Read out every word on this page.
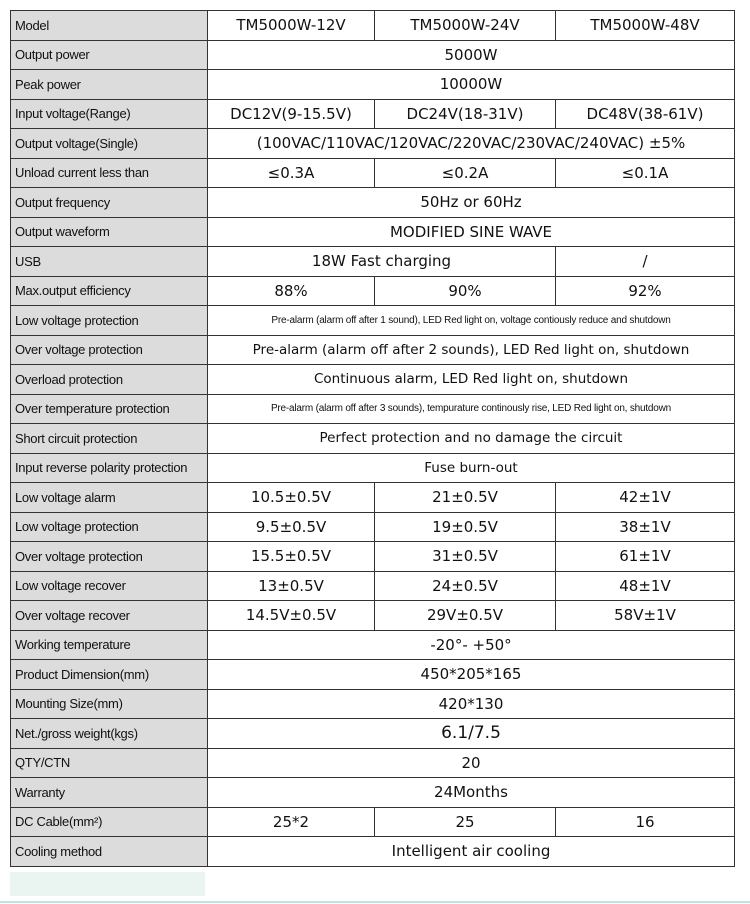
Model	TM5000W-12V	TM5000W-24V	TM5000W-48V
Output power	5000W		
Peak power	10000W		
Input voltage(Range)	DC12V(9-15.5V)	DC24V(18-31V)	DC48V(38-61V)
Output voltage(Single)	(100VAC/110VAC/120VAC/220VAC/230VAC/240VAC) ±5%		
Unload current less than	≤0.3A	≤0.2A	≤0.1A
Output frequency	50Hz or 60Hz		
Output waveform	MODIFIED SINE WAVE		
USB	18W Fast charging		/
Max.output efficiency	88%	90%	92%
Low voltage protection	Pre-alarm (alarm off after 1 sound), LED Red light on, voltage contiously reduce and shutdown		
Over voltage protection	Pre-alarm (alarm off after 2 sounds), LED Red light on, shutdown		
Overload protection	Continuous alarm, LED Red light on, shutdown		
Over temperature protection	Pre-alarm (alarm off after 3 sounds), tempurature continously rise, LED Red light on, shutdown		
Short circuit protection	Perfect protection and no damage the circuit		
Input reverse polarity protection	Fuse burn-out		
Low voltage alarm	10.5±0.5V	21±0.5V	42±1V
Low voltage protection	9.5±0.5V	19±0.5V	38±1V
Over voltage protection	15.5±0.5V	31±0.5V	61±1V
Low voltage recover	13±0.5V	24±0.5V	48±1V
Over voltage recover	14.5V±0.5V	29V±0.5V	58V±1V
Working temperature	-20°- +50°		
Product Dimension(mm)	450*205*165		
Mounting Size(mm)	420*130		
Net./gross weight(kgs)	6.1/7.5		
QTY/CTN	20		
Warranty	24Months		
DC Cable(mm²)	25*2	25	16
Cooling method	Intelligent air cooling		
